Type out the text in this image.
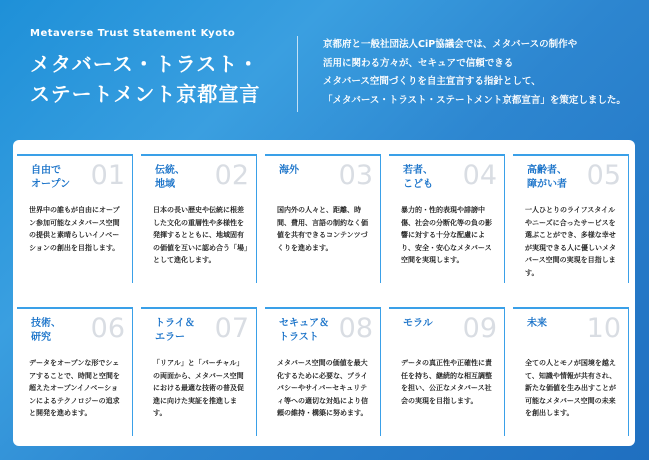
Metaverse Trust Statement Kyoto
メタバース・トラスト・
ステートメント京都宣言
京都府と一般社団法人CiP協議会では、メタバースの制作や
活用に関わる方々が、セキュアで信頼できる
メタバース空間づくりを自主宣言する指針として、
「メタバース・トラスト・ステートメント京都宣言」を策定しました。
自由で
オープン 01
世界中の誰もが自由にオープン参加可能なメタバース空間の提供と素晴らしいイノベーションの創出を目指します。
伝統、
地域	02
日本の長い歴史や伝統に根差した文化の重層性や多様性を発揮するとともに、地域固有の価値を互いに認め合う「場」として進化します。
海外 03
国内外の人々と、距離、時間、費用、言語の制約なく価値を共有できるコンテンツづくりを進めます。
若者、
こども 04
暴力的・性的表現や誹謗中傷、社会の分断化等の負の影響に対する十分な配慮により、安全・安心なメタバース空間を実現します。
高齢者、
障がい者 05
一人ひとりのライフスタイルやニーズに合ったサービスを選ぶことができ、多様な幸せが実現できる人に優しいメタバース空間の実現を目指します。
技術、
研究	06
データをオープンな形でシェアすることで、時間と空間を超えたオープンイノベーションによるテクノロジーの追求と開発を進めます。
トライ＆
エラー	07
「リアル」と「バーチャル」の両面から、メタバース空間における最適な技術の普及促進に向けた実証を推進します。
セキュア＆
トラスト 08
メタバース空間の価値を最大化するために必要な、プライバシーやサイバーセキュリティ等への適切な対処により信頼の維持・構築に努めます。
モラル 09
データの真正性や正確性に責任を持ち、継続的な相互調整を担い、公正なメタバース社会の実現を目指します。
未来 10
全ての人とモノが国境を越えて、知識や情報が共有され、新たな価値を生み出すことが可能なメタバース空間の未来を創出します。
